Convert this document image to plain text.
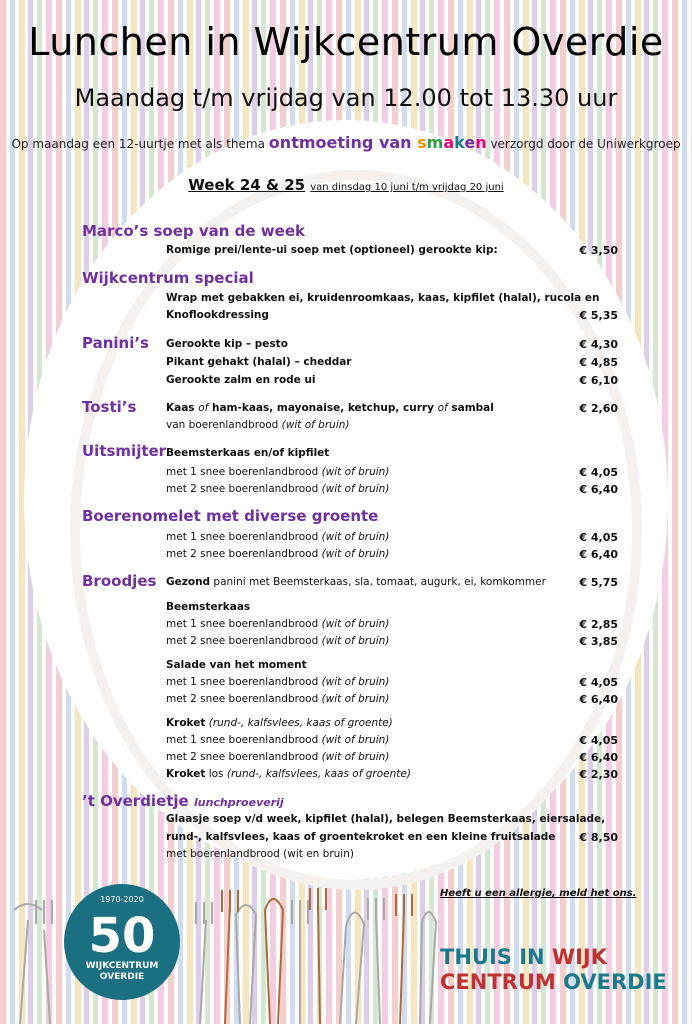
Lunchen in Wijkcentrum Overdie
Maandag t/m vrijdag van 12.00 tot 13.30 uur
Op maandag een 12-uurtje met als thema ontmoeting van smaken verzorgd door de Uniwerkgroep
Week 24 & 25 van dinsdag 10 juni t/m vrijdag 20 juni
Marco’s soep van de week
Romige prei/lente-ui soep met (optioneel) gerookte kip:	€ 3,50
Wijkcentrum special
Wrap met gebakken ei, kruidenroomkaas, kaas, kipfilet (halal), rucola en
Knoflookdressing	€ 5,35
Panini’s Gerookte kip – pesto	€ 4,30
Pikant gehakt (halal) – cheddar	€ 4,85
Gerookte zalm en rode ui	€ 6,10
Tosti’s	Kaas of ham-kaas, mayonaise, ketchup, curry of sambal	€ 2,60
van boerenlandbrood (wit of bruin)
Uitsmijter Beemsterkaas en/of kipfilet
met 1 snee boerenlandbrood (wit of bruin)	€ 4,05
met 2 snee boerenlandbrood (wit of bruin)	€ 6,40
Boerenomelet met diverse groente
met 1 snee boerenlandbrood (wit of bruin)	€ 4,05
met 2 snee boerenlandbrood (wit of bruin)	€ 6,40
Broodjes Gezond panini met Beemsterkaas, sla, tomaat, augurk, ei, komkommer	€ 5,75
Beemsterkaas
met 1 snee boerenlandbrood (wit of bruin)	€ 2,85
met 2 snee boerenlandbrood (wit of bruin)	€ 3,85
Salade van het moment
met 1 snee boerenlandbrood (wit of bruin)	€ 4,05
met 2 snee boerenlandbrood (wit of bruin)	€ 6,40
Kroket (rund-, kalfsvlees, kaas of groente)
met 1 snee boerenlandbrood (wit of bruin)	€ 4,05
met 2 snee boerenlandbrood (wit of bruin)	€ 6,40
Kroket los (rund-, kalfsvlees, kaas of groente)	€ 2,30
’t Overdietje lunchproeverij
Glaasje soep v/d week, kipfilet (halal), belegen Beemsterkaas, eiersalade,
rund-, kalfsvlees, kaas of groentekroket en een kleine fruitsalade € 8,50
met boerenlandbrood (wit en bruin)
Heeft u een allergie, meld het ons.
1970-2020
50
WIJKCENTRUM
OVERDIE
THUIS IN WIJK
CENTRUM OVERDIE
